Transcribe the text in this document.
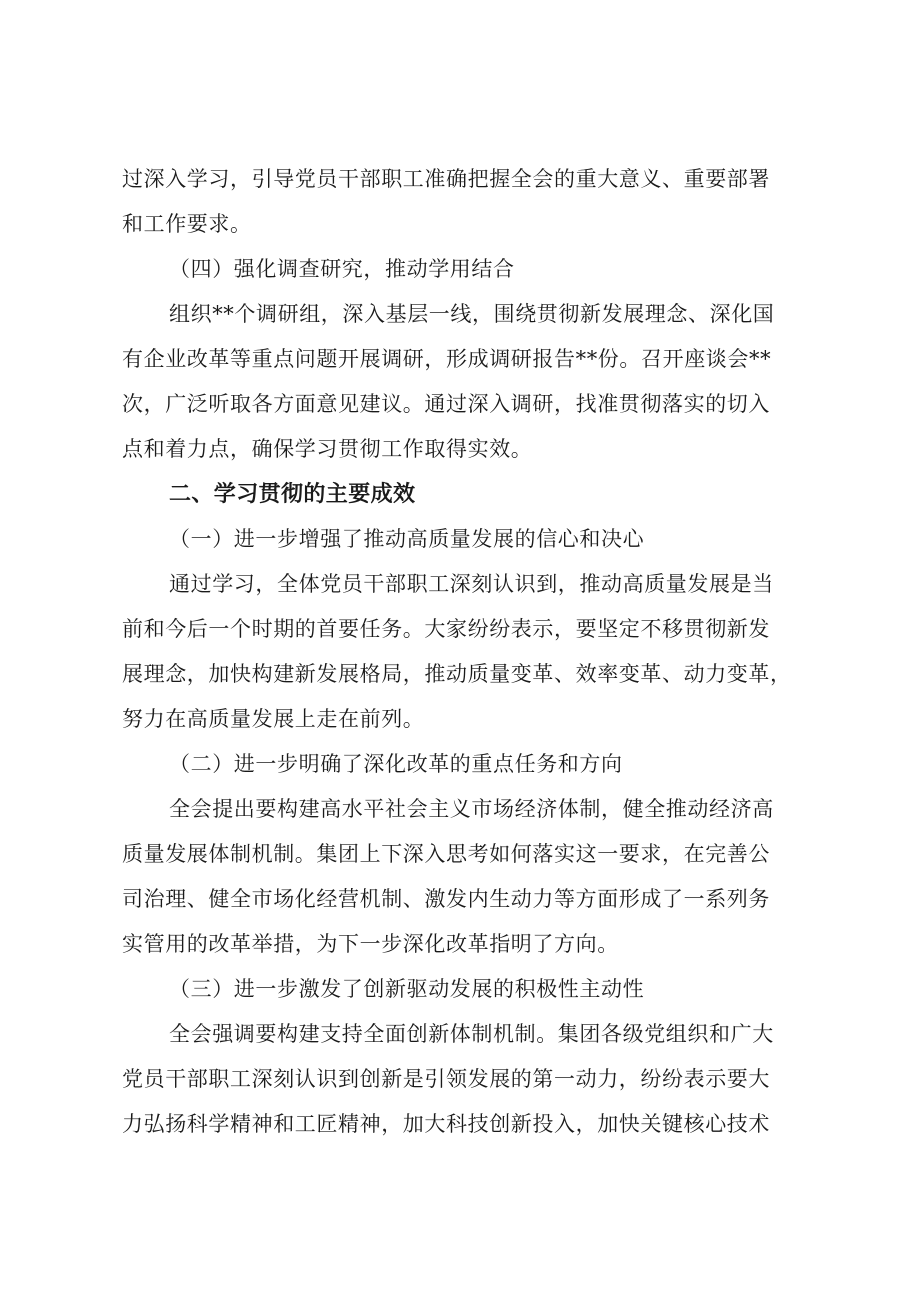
过深入学习，引导党员干部职工准确把握全会的重大意义、重要部署
和工作要求。
（四）强化调查研究，推动学用结合
组织**个调研组，深入基层一线，围绕贯彻新发展理念、深化国
有企业改革等重点问题开展调研，形成调研报告**份。召开座谈会**
次，广泛听取各方面意见建议。通过深入调研，找准贯彻落实的切入
点和着力点，确保学习贯彻工作取得实效。
二、学习贯彻的主要成效
（一）进一步增强了推动高质量发展的信心和决心
通过学习，全体党员干部职工深刻认识到，推动高质量发展是当
前和今后一个时期的首要任务。大家纷纷表示，要坚定不移贯彻新发
展理念，加快构建新发展格局，推动质量变革、效率变革、动力变革，
努力在高质量发展上走在前列。
（二）进一步明确了深化改革的重点任务和方向
全会提出要构建高水平社会主义市场经济体制，健全推动经济高
质量发展体制机制。集团上下深入思考如何落实这一要求，在完善公
司治理、健全市场化经营机制、激发内生动力等方面形成了一系列务
实管用的改革举措，为下一步深化改革指明了方向。
（三）进一步激发了创新驱动发展的积极性主动性
全会强调要构建支持全面创新体制机制。集团各级党组织和广大
党员干部职工深刻认识到创新是引领发展的第一动力，纷纷表示要大
力弘扬科学精神和工匠精神，加大科技创新投入，加快关键核心技术
